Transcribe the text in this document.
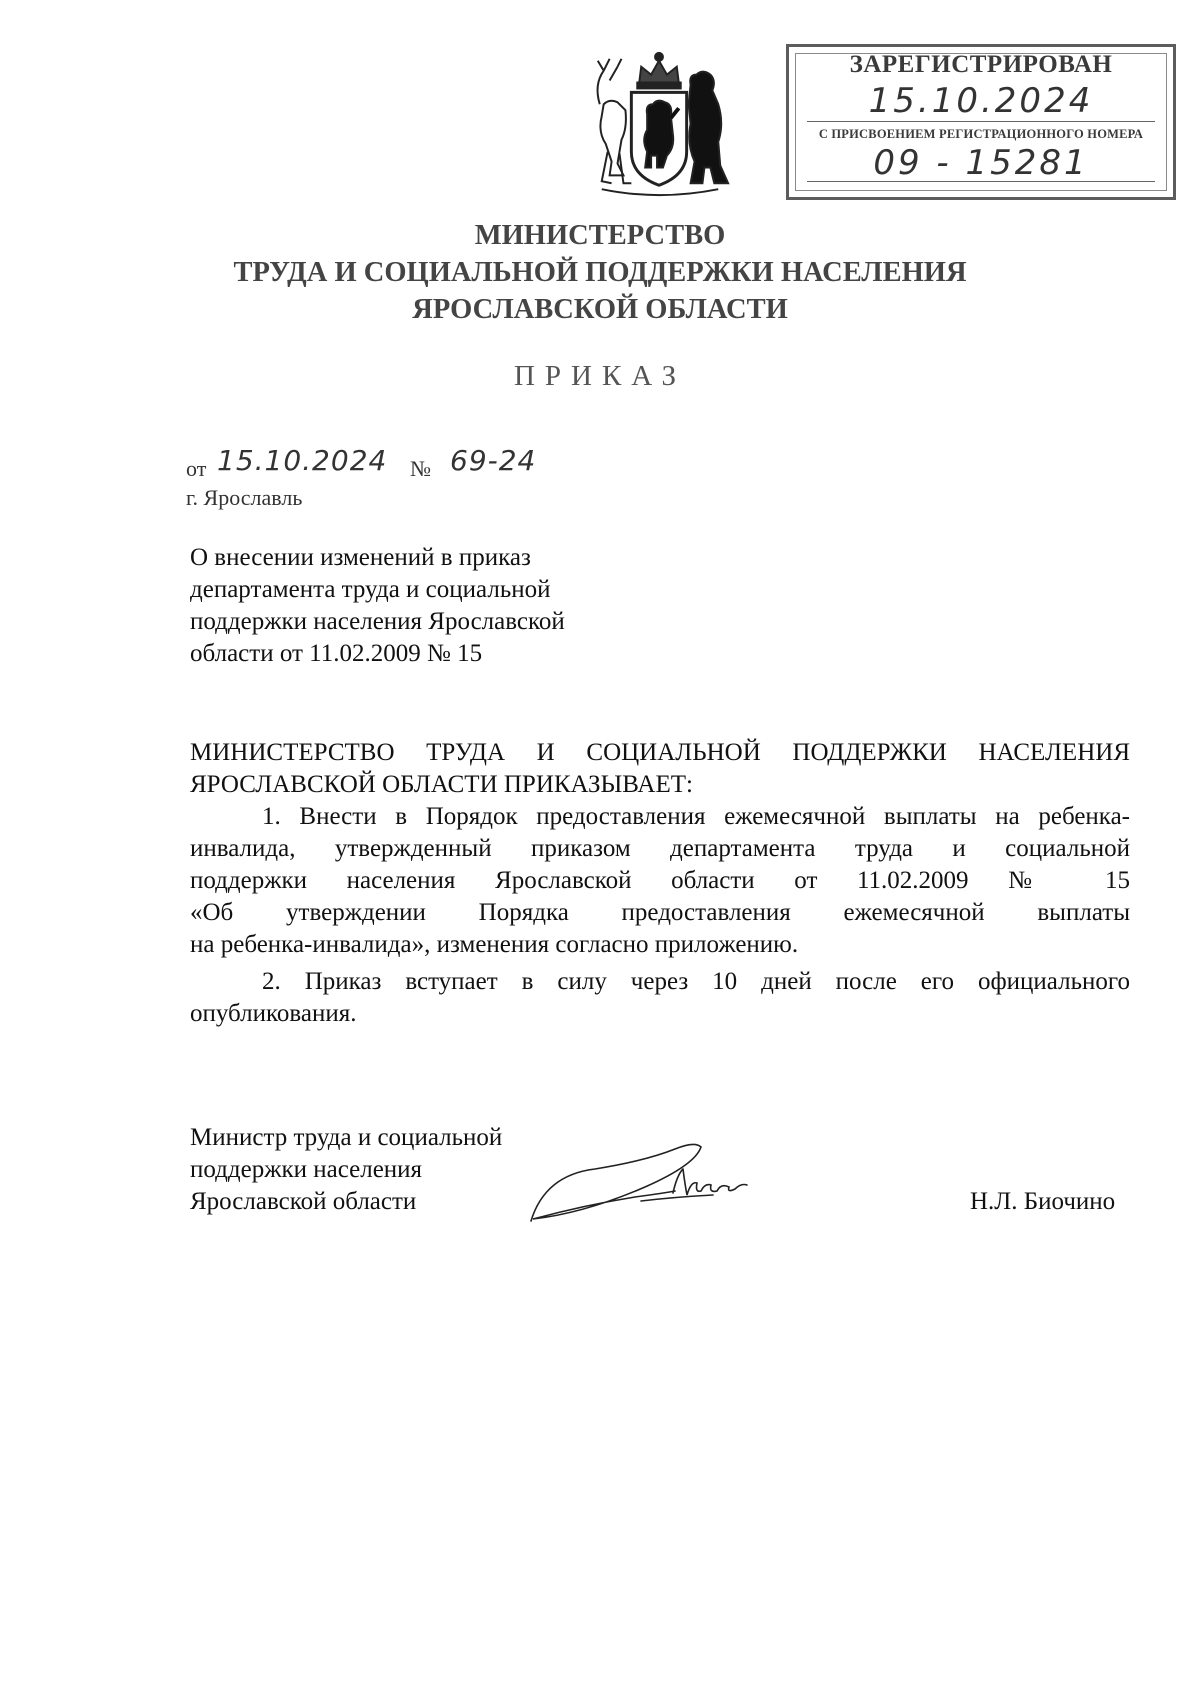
ЗАРЕГИСТРИРОВАН
15.10.2024
С ПРИСВОЕНИЕМ РЕГИСТРАЦИОННОГО НОМЕРА
09 - 15281
МИНИСТЕРСТВО
ТРУДА И СОЦИАЛЬНОЙ ПОДДЕРЖКИ НАСЕЛЕНИЯ
ЯРОСЛАВСКОЙ ОБЛАСТИ
ПРИКАЗ
от 15.10.2024 № 69-24
г. Ярославль
О внесении изменений в приказ
департамента труда и социальной
поддержки населения Ярославской
области от 11.02.2009 № 15
МИНИСТЕРСТВО ТРУДА И СОЦИАЛЬНОЙ ПОДДЕРЖКИ НАСЕЛЕНИЯ
ЯРОСЛАВСКОЙ ОБЛАСТИ ПРИКАЗЫВАЕТ:
1. Внести в Порядок предоставления ежемесячной выплаты на ребенка-
инвалида, утвержденный приказом департамента труда и социальной
поддержки населения Ярославской области от 11.02.2009 № 15
«Об утверждении Порядка предоставления ежемесячной выплаты
на ребенка-инвалида», изменения согласно приложению.
2. Приказ вступает в силу через 10 дней после его официального
опубликования.
Министр труда и социальной
поддержки населения
Ярославской области	Н.Л. Биочино
